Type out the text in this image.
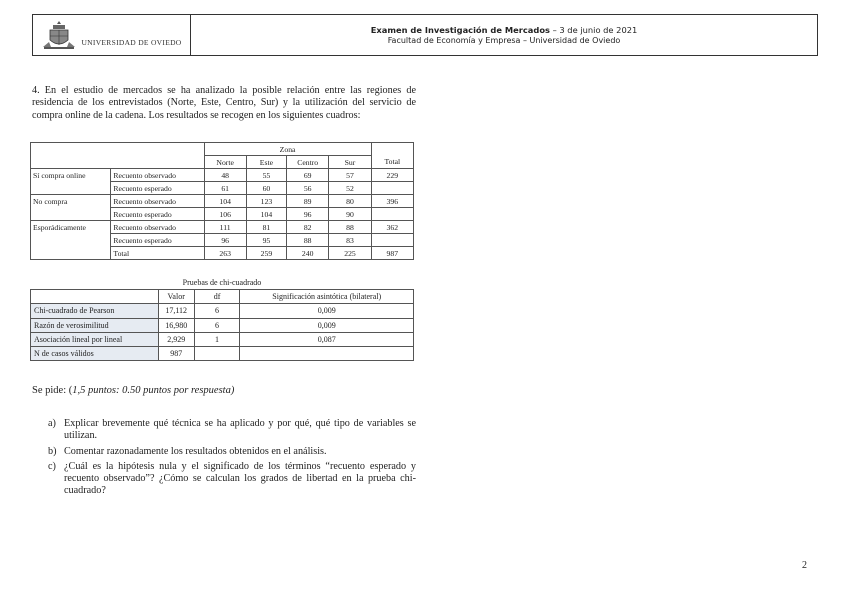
UNIVERSIDAD DE OVIEDO
Examen de Investigación de Mercados – 3 de junio de 2021
Facultad de Economía y Empresa – Universidad de Oviedo
4. En el estudio de mercados se ha analizado la posible relación entre las regiones de residencia de los entrevistados (Norte, Este, Centro, Sur) y la utilización del servicio de compra online de la cadena. Los resultados se recogen en los siguientes cuadros:
		Zona				
		Norte	Este	Centro	Sur	Total
Sí compra online	Recuento observado	48	55	69	57	229
	Recuento esperado	61	60	56	52	
No compra	Recuento observado	104	123	89	80	396
	Recuento esperado	106	104	96	90	
Esporádicamente	Recuento observado	111	81	82	88	362
	Recuento esperado	96	95	88	83	
	Total	263	259	240	225	987
Pruebas de chi-cuadrado			
	Valor	df	Significación asintótica (bilateral)
Chi-cuadrado de Pearson	17,112	6	0,009
Razón de verosimilitud	16,980	6	0,009
Asociación lineal por lineal	2,929	1	0,087
N de casos válidos	987		
Se pide: (1,5 puntos: 0.50 puntos por respuesta)
a) Explicar brevemente qué técnica se ha aplicado y por qué, qué tipo de variables se utilizan.
b) Comentar razonadamente los resultados obtenidos en el análisis.
c) ¿Cuál es la hipótesis nula y el significado de los términos “recuento esperado y recuento observado”? ¿Cómo se calculan los grados de libertad en la prueba chi-cuadrado?
2
